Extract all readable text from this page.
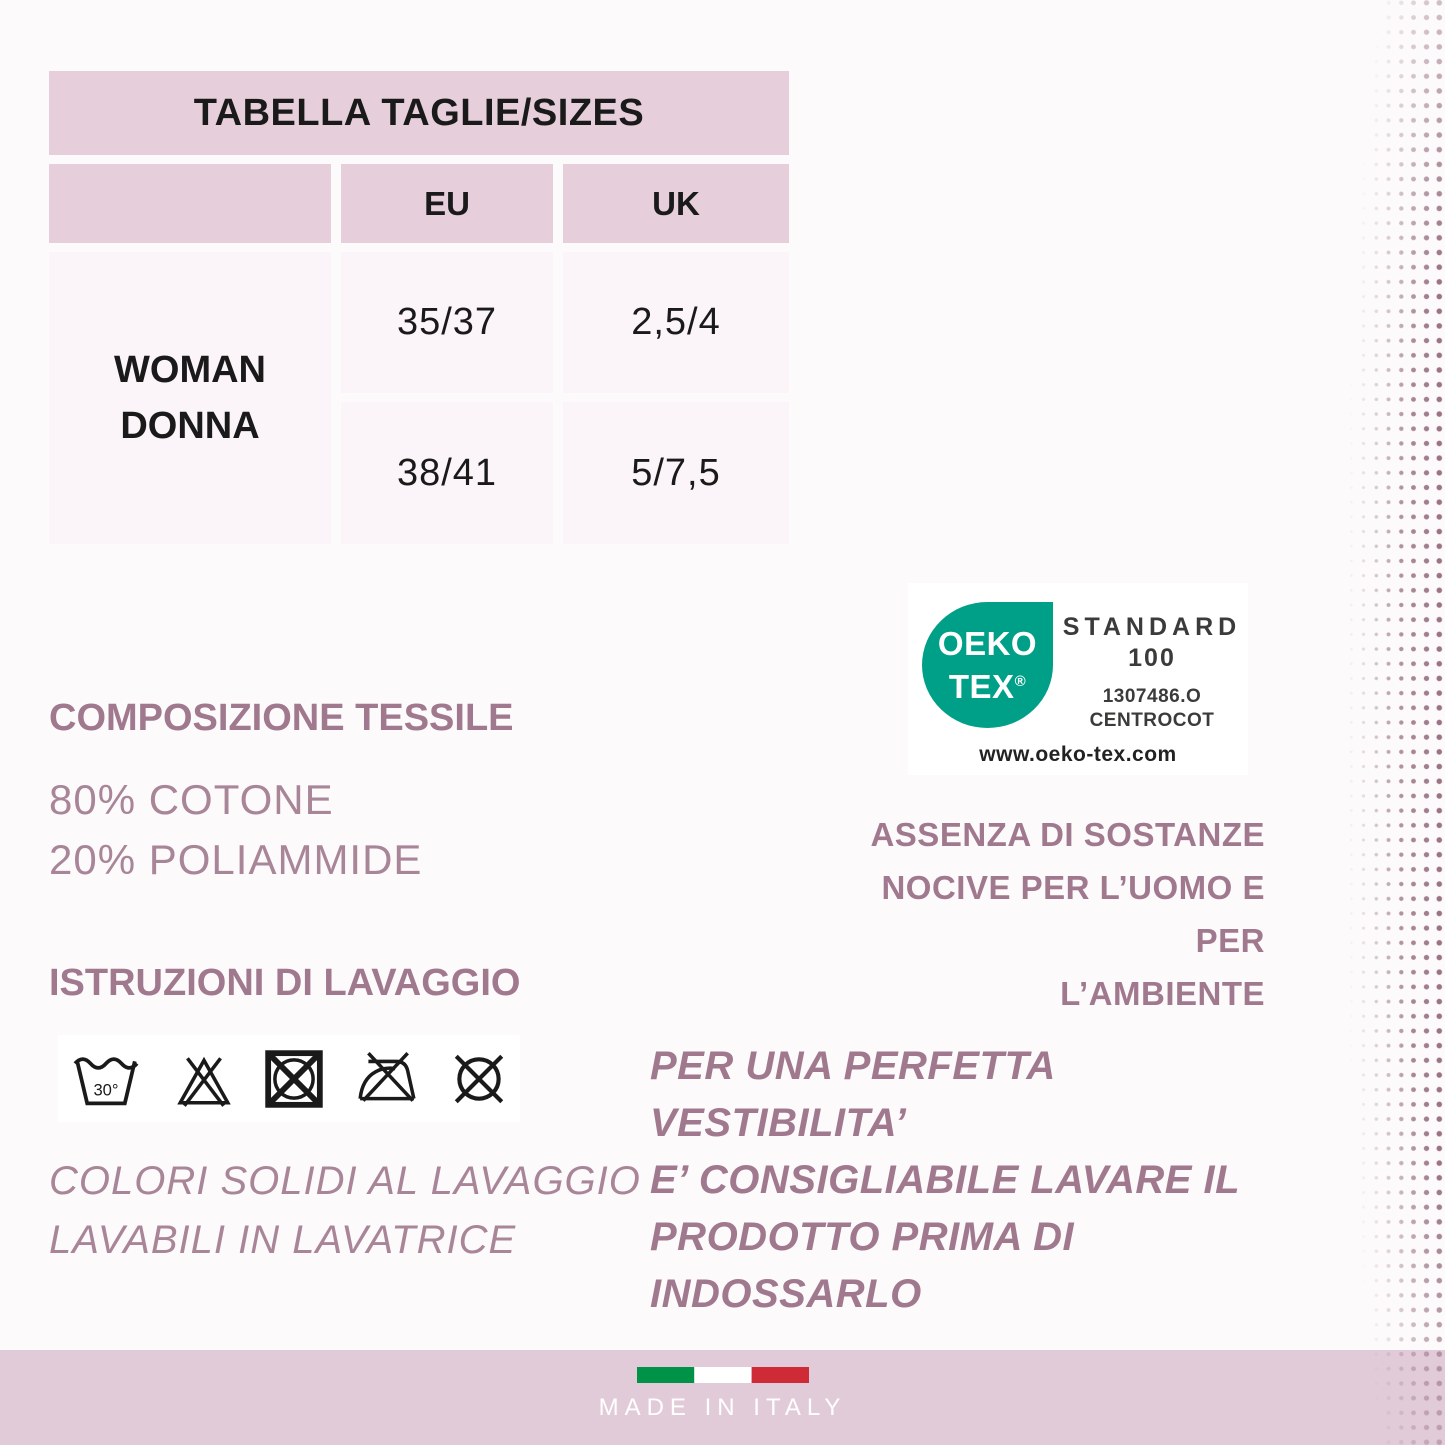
TABELLA TAGLIE/SIZES
EU	UK
WOMAN
DONNA
35/37	2,5/4
38/41	5/7,5
COMPOSIZIONE TESSILE
80% COTONE
20% POLIAMMIDE
ISTRUZIONI DI LAVAGGIO
30°
COLORI SOLIDI AL LAVAGGIO
LAVABILI IN LAVATRICE
OEKO
TEX®
STANDARD
100
1307486.O
CENTROCOT
www.oeko-tex.com
ASSENZA DI SOSTANZE
NOCIVE PER L’UOMO E PER
L’AMBIENTE
PER UNA PERFETTA VESTIBILITA’
E’ CONSIGLIABILE LAVARE IL
PRODOTTO PRIMA DI INDOSSARLO
MADE IN ITALY
